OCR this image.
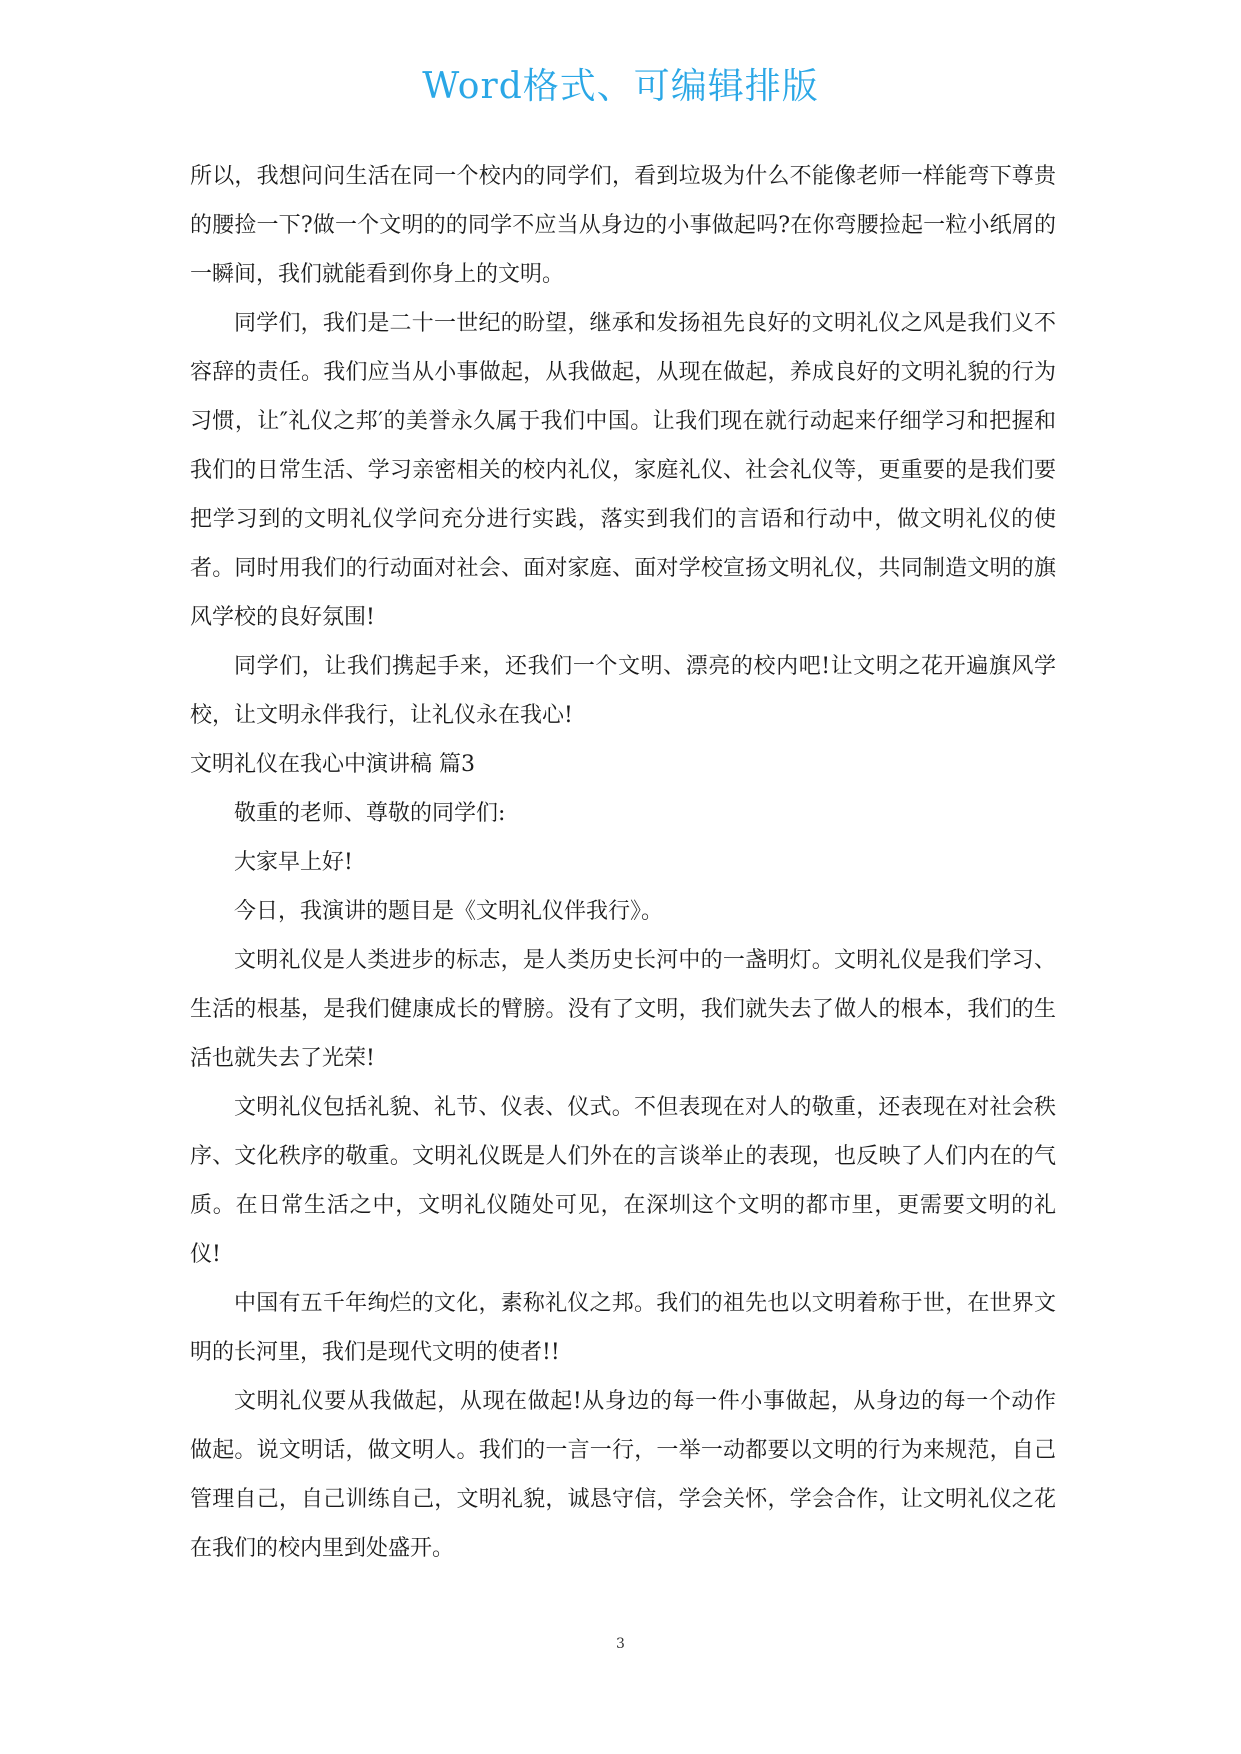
Word格式、可编辑排版

所以，我想问问生活在同一个校内的同学们，看到垃圾为什么不能像老师一样能弯下尊贵的腰捡一下?做一个文明的的同学不应当从身边的小事做起吗?在你弯腰捡起一粒小纸屑的一瞬间，我们就能看到你身上的文明。

同学们，我们是二十一世纪的盼望，继承和发扬祖先良好的文明礼仪之风是我们义不容辞的责任。我们应当从小事做起，从我做起，从现在做起，养成良好的文明礼貌的行为习惯，让″礼仪之邦′的美誉永久属于我们中国。让我们现在就行动起来仔细学习和把握和我们的日常生活、学习亲密相关的校内礼仪，家庭礼仪、社会礼仪等，更重要的是我们要把学习到的文明礼仪学问充分进行实践，落实到我们的言语和行动中，做文明礼仪的使者。同时用我们的行动面对社会、面对家庭、面对学校宣扬文明礼仪，共同制造文明的旗风学校的良好氛围!

同学们，让我们携起手来，还我们一个文明、漂亮的校内吧!让文明之花开遍旗风学校，让文明永伴我行，让礼仪永在我心!

文明礼仪在我心中演讲稿 篇3

敬重的老师、尊敬的同学们:

大家早上好!

今日，我演讲的题目是《文明礼仪伴我行》。

文明礼仪是人类进步的标志，是人类历史长河中的一盏明灯。文明礼仪是我们学习、生活的根基，是我们健康成长的臂膀。没有了文明，我们就失去了做人的根本，我们的生活也就失去了光荣!

文明礼仪包括礼貌、礼节、仪表、仪式。不但表现在对人的敬重，还表现在对社会秩序、文化秩序的敬重。文明礼仪既是人们外在的言谈举止的表现，也反映了人们内在的气质。在日常生活之中，文明礼仪随处可见，在深圳这个文明的都市里，更需要文明的礼仪!

中国有五千年绚烂的文化，素称礼仪之邦。我们的祖先也以文明着称于世，在世界文明的长河里，我们是现代文明的使者!!

文明礼仪要从我做起，从现在做起!从身边的每一件小事做起，从身边的每一个动作做起。说文明话，做文明人。我们的一言一行，一举一动都要以文明的行为来规范，自己管理自己，自己训练自己，文明礼貌，诚恳守信，学会关怀，学会合作，让文明礼仪之花在我们的校内里到处盛开。

3
